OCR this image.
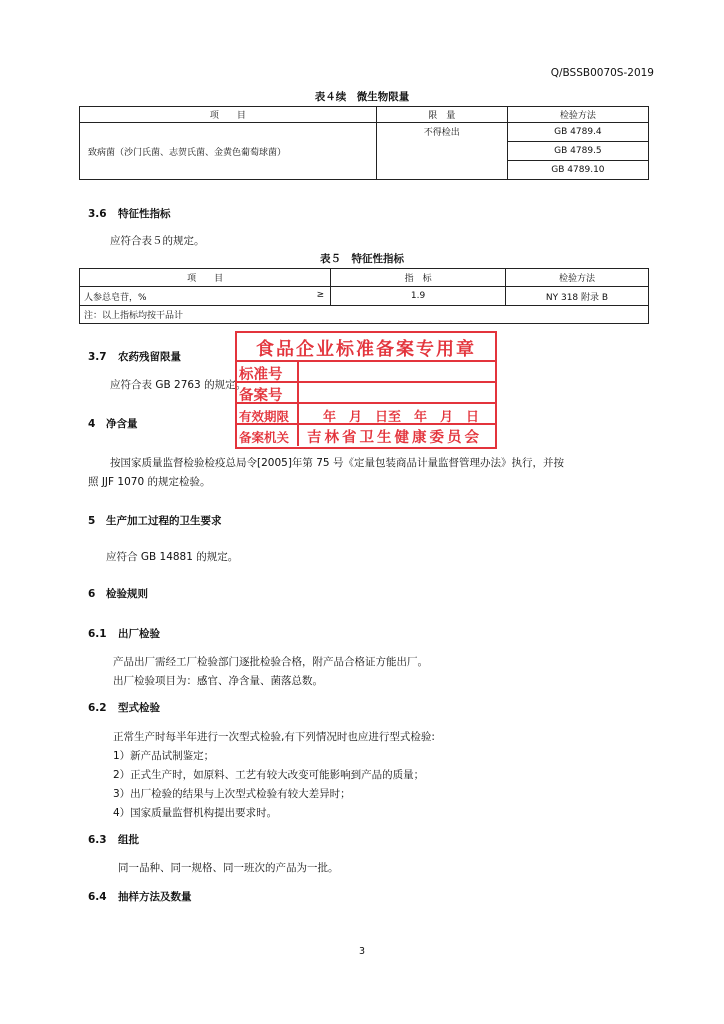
Q/BSSB0070S-2019
表４续　微生物限量
项　　目	限　量	检验方法
致病菌（沙门氏菌、志贺氏菌、金黄色葡萄球菌）	不得检出	GB 4789.4
		GB 4789.5
		GB 4789.10
3.6 特征性指标
应符合表５的规定。
表５　特征性指标
项　　目	指　标	检验方法
人参总皂苷，% ≥	1.9	NY 318 附录 B
注：以上指标均按干品计		
3.7 农药残留限量
应符合表 GB 2763 的规定。
4 净含量
按国家质量监督检验检疫总局令[2005]年第 75 号《定量包装商品计量监督管理办法》执行，并按
照 JJF 1070 的规定检验。
5 生产加工过程的卫生要求
应符合 GB 14881 的规定。
6 检验规则
6.1 出厂检验
产品出厂需经工厂检验部门逐批检验合格，附产品合格证方能出厂。
出厂检验项目为：感官、净含量、菌落总数。
6.2 型式检验
正常生产时每半年进行一次型式检验,有下列情况时也应进行型式检验:
1）新产品试制鉴定；
2）正式生产时，如原料、工艺有较大改变可能影响到产品的质量；
3）出厂检验的结果与上次型式检验有较大差异时；
4）国家质量监督机构提出要求时。
6.3 组批
同一品种、同一规格、同一班次的产品为一批。
6.4 抽样方法及数量
食品企业标准备案专用章
标准号
备案号
有效期限	年　月　日至　年　月　日
备案机关 吉林省卫生健康委员会
3
